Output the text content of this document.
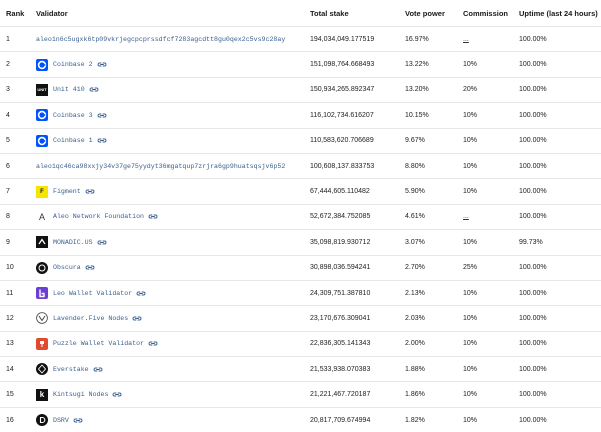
Rank	Validator	Total stake	Vote power	Commission	Uptime (last 24 hours)
1	aleo1n6c5ugxk6tp09vkrjegcpcprssdfcf7283agcdtt8gu0qex2c5vs9c28ay	194,034,049.177519	16.97%	...	100.00%
2	Coinbase 2	151,098,764.668493	13.22%	10%	100.00%
3	UNIT Unit 410	150,934,265.892347	13.20%	20%	100.00%
4	Coinbase 3	116,102,734.616207	10.15%	10%	100.00%
5	Coinbase 1	110,583,620.706689	9.67%	10%	100.00%
6	aleo1qc46ca98xxjy34v37ge75yydyt36mgatqup7zrjra6gp9huatsqsjv6p52	100,608,137.833753	8.80%	10%	100.00%
7	F Figment	67,444,605.110482	5.90%	10%	100.00%
8	A Aleo Network Foundation	52,672,384.752085	4.61%	...	100.00%
9	MONADIC.US	35,098,819.930712	3.07%	10%	99.73%
10	Obscura	30,898,036.594241	2.70%	25%	100.00%
11	Leo Wallet Validator	24,309,751.387810	2.13%	10%	100.00%
12	Lavender.Five Nodes	23,170,676.309041	2.03%	10%	100.00%
13	Puzzle Wallet Validator	22,836,305.141343	2.00%	10%	100.00%
14	Everstake	21,533,938.070383	1.88%	10%	100.00%
15	k Kintsugi Nodes	21,221,467.720187	1.86%	10%	100.00%
16	DSRV	20,817,709.674994	1.82%	10%	100.00%
